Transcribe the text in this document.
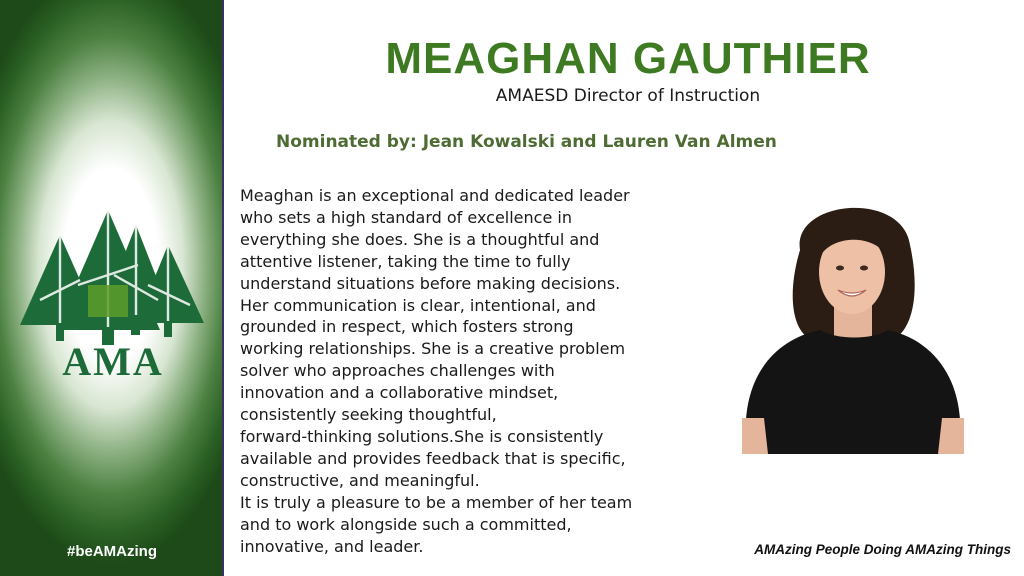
AMA
#beAMAzing
MEAGHAN GAUTHIER
AMAESD Director of Instruction
Nominated by: Jean Kowalski and Lauren Van Almen
Meaghan is an exceptional and dedicated leader
who sets a high standard of excellence in
everything she does. She is a thoughtful and
attentive listener, taking the time to fully
understand situations before making decisions.
Her communication is clear, intentional, and
grounded in respect, which fosters strong
working relationships. She is a creative problem
solver who approaches challenges with
innovation and a collaborative mindset,
consistently seeking thoughtful,
forward-thinking solutions.She is consistently
available and provides feedback that is specific,
constructive, and meaningful.
It is truly a pleasure to be a member of her team
and to work alongside such a committed,
innovative, and leader.	AMAzing People Doing AMAzing Things
